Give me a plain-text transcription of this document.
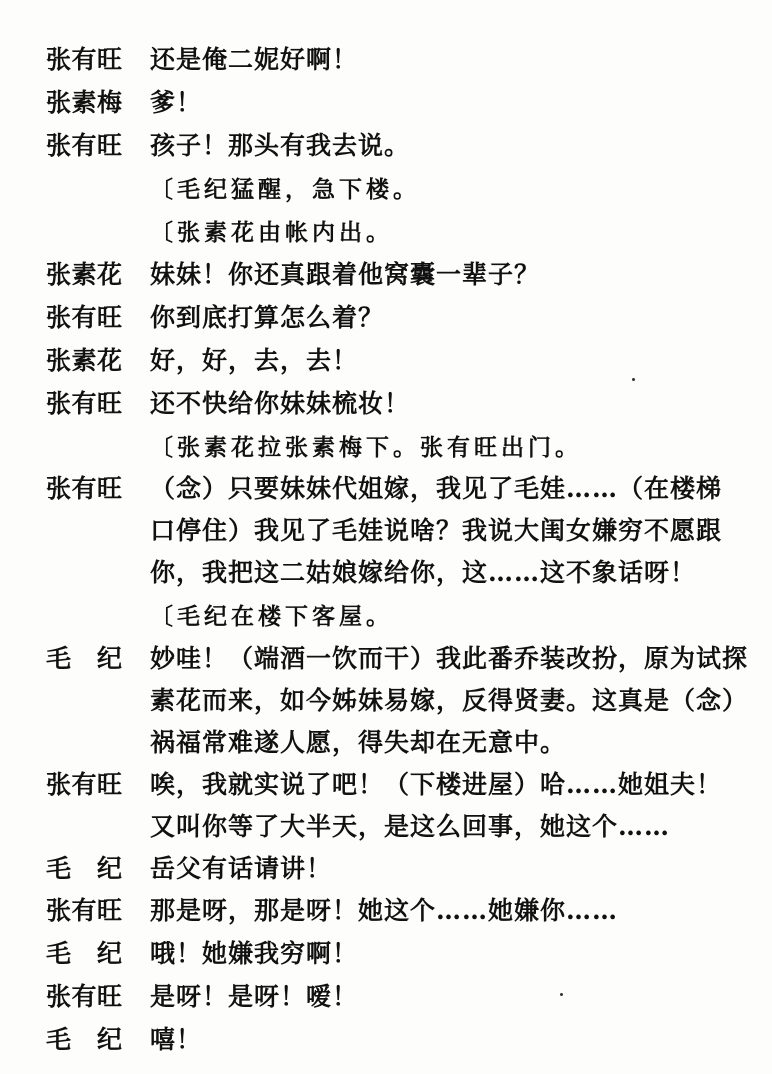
张有旺 还是俺二妮好啊！
张素梅 爹！
张有旺 孩子！那头有我去说。
〔毛纪猛醒，急下楼。
〔张素花由帐内出。
张素花 妹妹！你还真跟着他窝囊一辈子？
张有旺 你到底打算怎么着？
张素花 好，好，去，去！
张有旺 还不快给你妹妹梳妆！
〔张素花拉张素梅下。张有旺出门。
张有旺 （念）只要妹妹代姐嫁，我见了毛娃……（在楼梯
口停住）我见了毛娃说啥？我说大闺女嫌穷不愿跟
你，我把这二姑娘嫁给你，这……这不象话呀！
〔毛纪在楼下客屋。
毛　纪 妙哇！（端酒一饮而干）我此番乔装改扮，原为试探
素花而来，如今姊妹易嫁，反得贤妻。这真是（念）
祸福常难遂人愿，得失却在无意中。
张有旺 唉，我就实说了吧！（下楼进屋）哈……她姐夫！
又叫你等了大半天，是这么回事，她这个……
毛　纪 岳父有话请讲！
张有旺 那是呀，那是呀！她这个……她嫌你……
毛　纪 哦！她嫌我穷啊！
张有旺 是呀！是呀！嗳！
毛　纪 嘻！
